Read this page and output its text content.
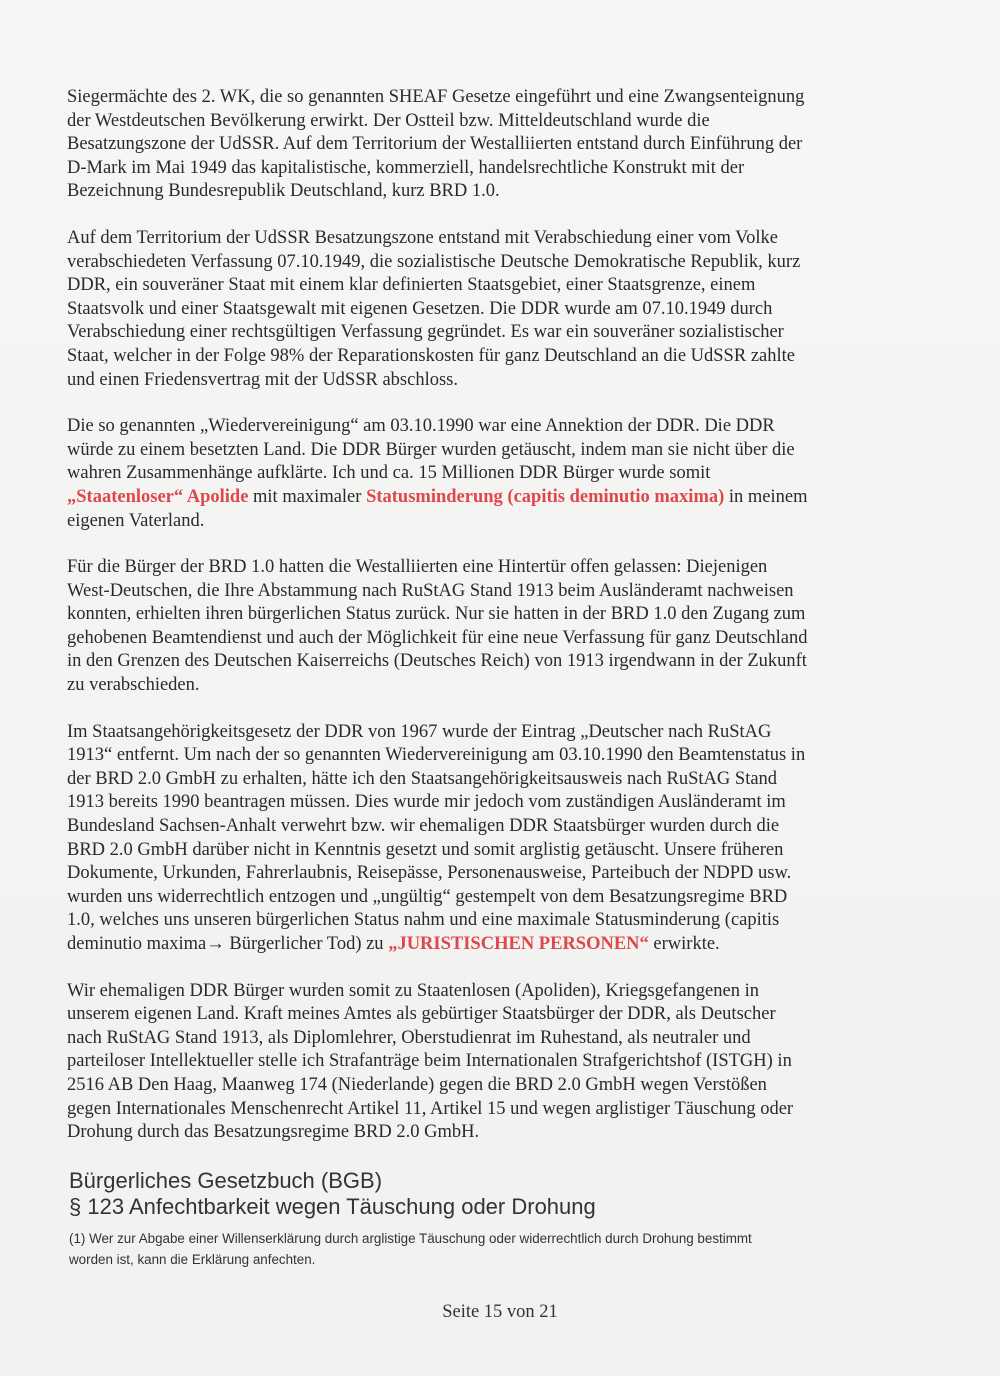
Siegermächte des 2. WK, die so genannten SHEAF Gesetze eingeführt und eine Zwangsenteignung
der Westdeutschen Bevölkerung erwirkt. Der Ostteil bzw. Mitteldeutschland wurde die
Besatzungszone der UdSSR. Auf dem Territorium der Westalliierten entstand durch Einführung der
D-Mark im Mai 1949 das kapitalistische, kommerziell, handelsrechtliche Konstrukt mit der
Bezeichnung Bundesrepublik Deutschland, kurz BRD 1.0.

Auf dem Territorium der UdSSR Besatzungszone entstand mit Verabschiedung einer vom Volke
verabschiedeten Verfassung 07.10.1949, die sozialistische Deutsche Demokratische Republik, kurz
DDR, ein souveräner Staat mit einem klar definierten Staatsgebiet, einer Staatsgrenze, einem
Staatsvolk und einer Staatsgewalt mit eigenen Gesetzen. Die DDR wurde am 07.10.1949 durch
Verabschiedung einer rechtsgültigen Verfassung gegründet. Es war ein souveräner sozialistischer
Staat, welcher in der Folge 98% der Reparationskosten für ganz Deutschland an die UdSSR zahlte
und einen Friedensvertrag mit der UdSSR abschloss.

Die so genannten „Wiedervereinigung“ am 03.10.1990 war eine Annektion der DDR. Die DDR
würde zu einem besetzten Land. Die DDR Bürger wurden getäuscht, indem man sie nicht über die
wahren Zusammenhänge aufklärte. Ich und ca. 15 Millionen DDR Bürger wurde somit
„Staatenloser“ Apolide mit maximaler Statusminderung (capitis deminutio maxima) in meinem
eigenen Vaterland.

Für die Bürger der BRD 1.0 hatten die Westalliierten eine Hintertür offen gelassen: Diejenigen
West-Deutschen, die Ihre Abstammung nach RuStAG Stand 1913 beim Ausländeramt nachweisen
konnten, erhielten ihren bürgerlichen Status zurück. Nur sie hatten in der BRD 1.0 den Zugang zum
gehobenen Beamtendienst und auch der Möglichkeit für eine neue Verfassung für ganz Deutschland
in den Grenzen des Deutschen Kaiserreichs (Deutsches Reich) von 1913 irgendwann in der Zukunft
zu verabschieden.

Im Staatsangehörigkeitsgesetz der DDR von 1967 wurde der Eintrag „Deutscher nach RuStAG
1913“ entfernt. Um nach der so genannten Wiedervereinigung am 03.10.1990 den Beamtenstatus in
der BRD 2.0 GmbH zu erhalten, hätte ich den Staatsangehörigkeitsausweis nach RuStAG Stand
1913 bereits 1990 beantragen müssen. Dies wurde mir jedoch vom zuständigen Ausländeramt im
Bundesland Sachsen-Anhalt verwehrt bzw. wir ehemaligen DDR Staatsbürger wurden durch die
BRD 2.0 GmbH darüber nicht in Kenntnis gesetzt und somit arglistig getäuscht. Unsere früheren
Dokumente, Urkunden, Fahrerlaubnis, Reisepässe, Personenausweise, Parteibuch der NDPD usw.
wurden uns widerrechtlich entzogen und „ungültig“ gestempelt von dem Besatzungsregime BRD
1.0, welches uns unseren bürgerlichen Status nahm und eine maximale Statusminderung (capitis
deminutio maxima→ Bürgerlicher Tod) zu „JURISTISCHEN PERSONEN“ erwirkte.

Wir ehemaligen DDR Bürger wurden somit zu Staatenlosen (Apoliden), Kriegsgefangenen in
unserem eigenen Land. Kraft meines Amtes als gebürtiger Staatsbürger der DDR, als Deutscher
nach RuStAG Stand 1913, als Diplomlehrer, Oberstudienrat im Ruhestand, als neutraler und
parteiloser Intellektueller stelle ich Strafanträge beim Internationalen Strafgerichtshof (ISTGH) in
2516 AB Den Haag, Maanweg 174 (Niederlande) gegen die BRD 2.0 GmbH wegen Verstößen
gegen Internationales Menschenrecht Artikel 11, Artikel 15 und wegen arglistiger Täuschung oder
Drohung durch das Besatzungsregime BRD 2.0 GmbH.

Bürgerliches Gesetzbuch (BGB)
§ 123 Anfechtbarkeit wegen Täuschung oder Drohung
(1) Wer zur Abgabe einer Willenserklärung durch arglistige Täuschung oder widerrechtlich durch Drohung bestimmt
worden ist, kann die Erklärung anfechten.
Seite 15 von 21
